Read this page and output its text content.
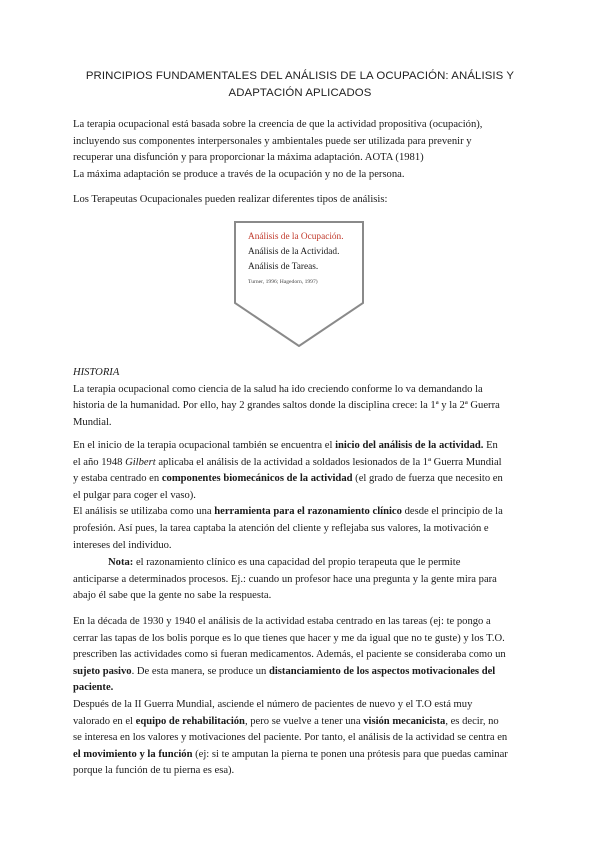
PRINCIPIOS FUNDAMENTALES DEL ANÁLISIS DE LA OCUPACIÓN: ANÁLISIS Y
ADAPTACIÓN APLICADOS
La terapia ocupacional está basada sobre la creencia de que la actividad propositiva (ocupación),
incluyendo sus componentes interpersonales y ambientales puede ser utilizada para prevenir y
recuperar una disfunción y para proporcionar la máxima adaptación. AOTA (1981)
La máxima adaptación se produce a través de la ocupación y no de la persona.
Los Terapeutas Ocupacionales pueden realizar diferentes tipos de análisis:
Análisis de la Ocupación.
Análisis de la Actividad.
Análisis de Tareas.
Turner, 1996; Hagedorn, 1997)
HISTORIA
La terapia ocupacional como ciencia de la salud ha ido creciendo conforme lo va demandando la
historia de la humanidad. Por ello, hay 2 grandes saltos donde la disciplina crece: la 1ª y la 2ª Guerra
Mundial.
En el inicio de la terapia ocupacional también se encuentra el inicio del análisis de la actividad. En
el año 1948 Gilbert aplicaba el análisis de la actividad a soldados lesionados de la 1ª Guerra Mundial
y estaba centrado en componentes biomecánicos de la actividad (el grado de fuerza que necesito en
el pulgar para coger el vaso).
El análisis se utilizaba como una herramienta para el razonamiento clínico desde el principio de la
profesión. Así pues, la tarea captaba la atención del cliente y reflejaba sus valores, la motivación e
intereses del individuo.
Nota: el razonamiento clínico es una capacidad del propio terapeuta que le permite
anticiparse a determinados procesos. Ej.: cuando un profesor hace una pregunta y la gente mira para
abajo él sabe que la gente no sabe la respuesta.
En la década de 1930 y 1940 el análisis de la actividad estaba centrado en las tareas (ej: te pongo a
cerrar las tapas de los bolis porque es lo que tienes que hacer y me da igual que no te guste) y los T.O.
prescriben las actividades como si fueran medicamentos. Además, el paciente se consideraba como un
sujeto pasivo. De esta manera, se produce un distanciamiento de los aspectos motivacionales del
paciente.
Después de la II Guerra Mundial, asciende el número de pacientes de nuevo y el T.O está muy
valorado en el equipo de rehabilitación, pero se vuelve a tener una visión mecanicista, es decir, no
se interesa en los valores y motivaciones del paciente. Por tanto, el análisis de la actividad se centra en
el movimiento y la función (ej: si te amputan la pierna te ponen una prótesis para que puedas caminar
porque la función de tu pierna es esa).
